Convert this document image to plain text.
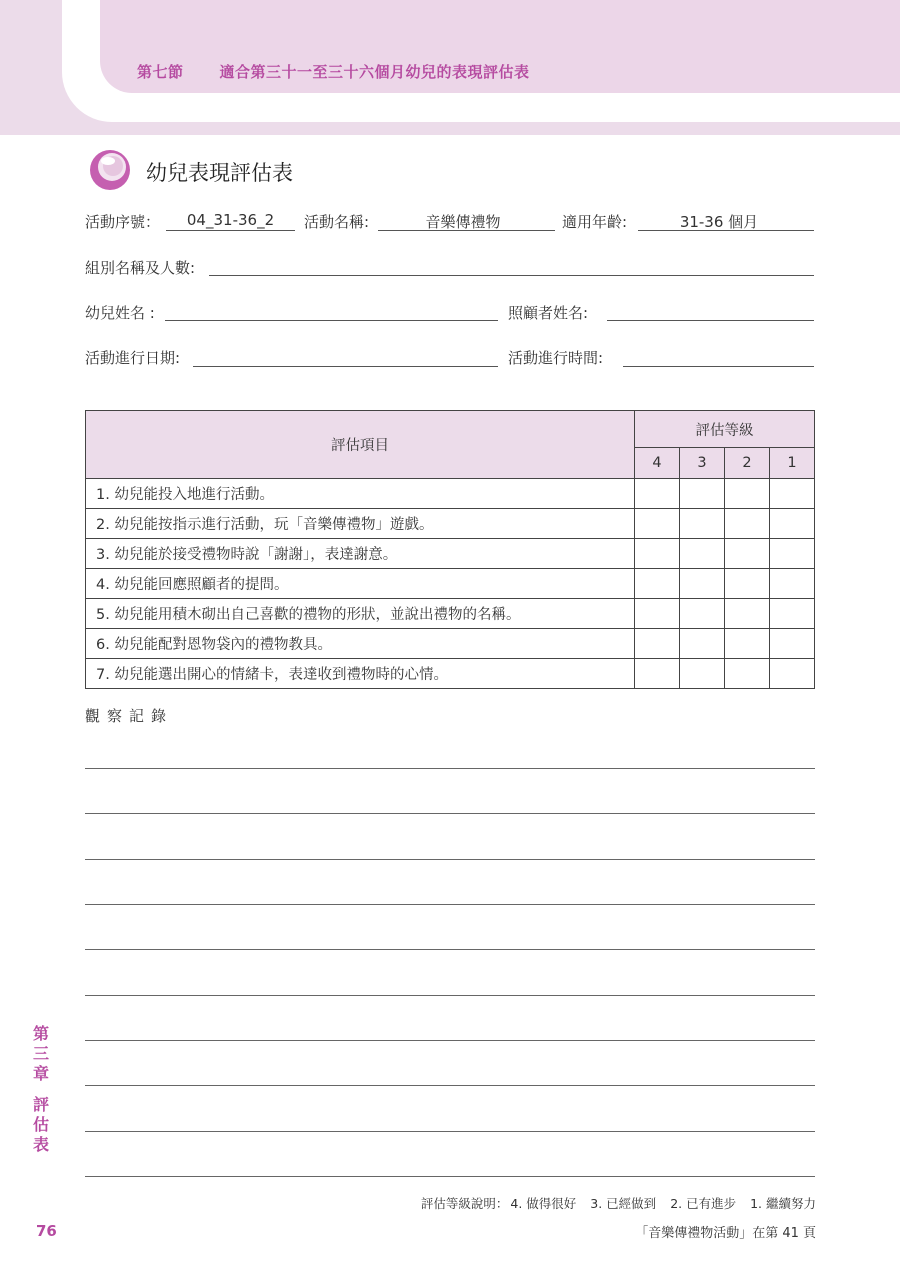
第七節 適合第三十一至三十六個月幼兒的表現評估表
幼兒表現評估表
活動序號：	04_31-36_2	活動名稱:	音樂傳禮物	適用年齡:	31-36 個月
組別名稱及人數:
幼兒姓名 :	照顧者姓名:
活動進行日期:	活動進行時間:
評估項目	評估等級			
	4	3	2	1
1. 幼兒能投入地進行活動。				
2. 幼兒能按指示進行活動，玩「音樂傳禮物」遊戲。				
3. 幼兒能於接受禮物時說「謝謝」，表達謝意。				
4. 幼兒能回應照顧者的提問。				
5. 幼兒能用積木砌出自己喜歡的禮物的形狀，並說出禮物的名稱。				
6. 幼兒能配對恩物袋內的禮物教具。				
7. 幼兒能選出開心的情緒卡，表達收到禮物時的心情。				
觀察記錄
第
三
章
評
估
表
76
評估等級說明： 4. 做得很好 3. 已經做到 2. 已有進步 1. 繼續努力
「音樂傳禮物活動」在第 41 頁
